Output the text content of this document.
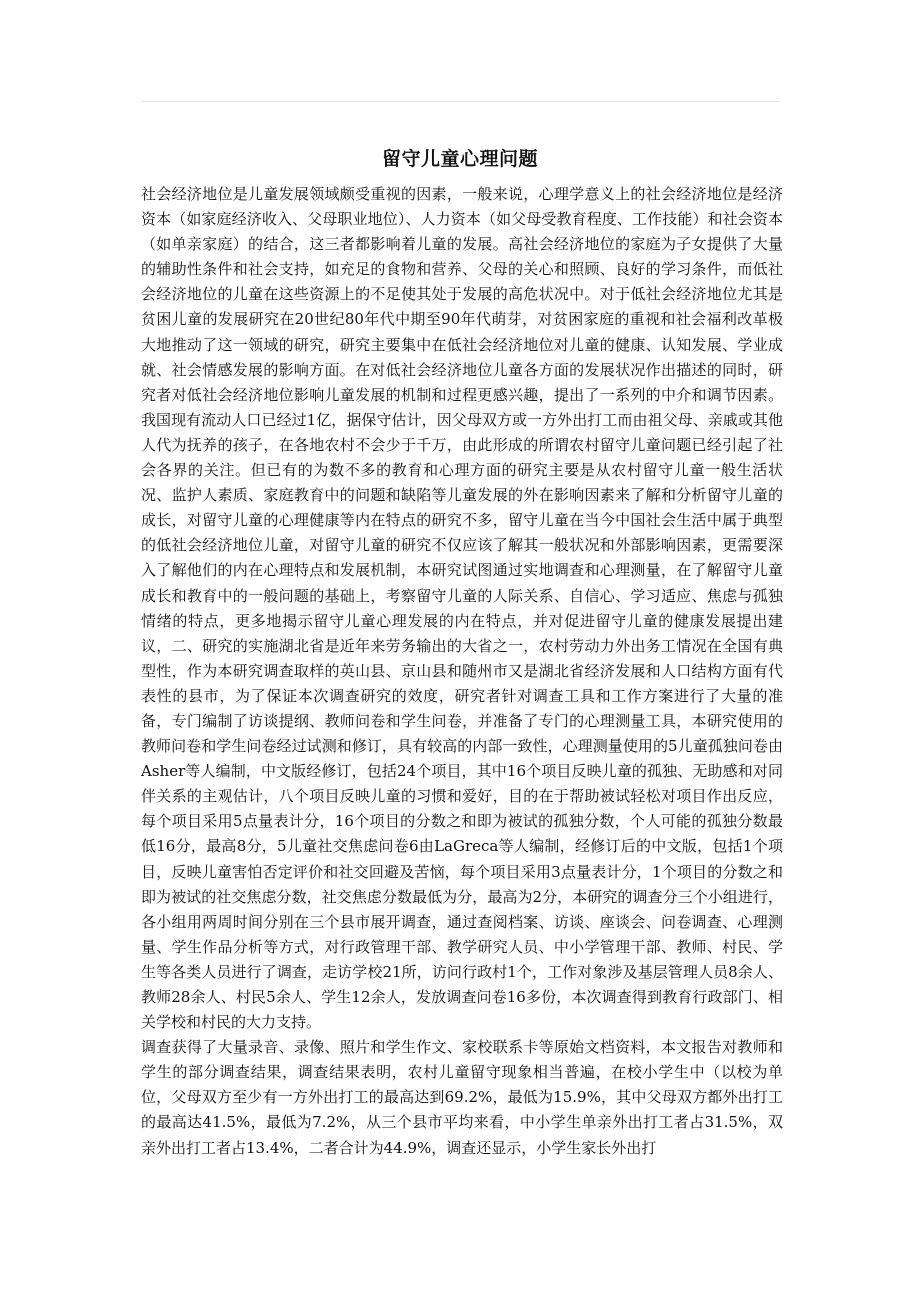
留守儿童心理问题

社会经济地位是儿童发展领域颇受重视的因素，一般来说，心理学意义上的社会经济地位是经济资本（如家庭经济收入、父母职业地位）、人力资本（如父母受教育程度、工作技能）和社会资本（如单亲家庭）的结合，这三者都影响着儿童的发展。高社会经济地位的家庭为子女提供了大量的辅助性条件和社会支持，如充足的食物和营养、父母的关心和照顾、良好的学习条件，而低社会经济地位的儿童在这些资源上的不足使其处于发展的高危状况中。对于低社会经济地位尤其是贫困儿童的发展研究在20世纪80年代中期至90年代萌芽，对贫困家庭的重视和社会福利改革极大地推动了这一领域的研究，研究主要集中在低社会经济地位对儿童的健康、认知发展、学业成就、社会情感发展的影响方面。在对低社会经济地位儿童各方面的发展状况作出描述的同时，研究者对低社会经济地位影响儿童发展的机制和过程更感兴趣，提出了一系列的中介和调节因素。我国现有流动人口已经过1亿，据保守估计，因父母双方或一方外出打工而由祖父母、亲戚或其他人代为抚养的孩子，在各地农村不会少于千万，由此形成的所谓农村留守儿童问题已经引起了社会各界的关注。但已有的为数不多的教育和心理方面的研究主要是从农村留守儿童一般生活状况、监护人素质、家庭教育中的问题和缺陷等儿童发展的外在影响因素来了解和分析留守儿童的成长，对留守儿童的心理健康等内在特点的研究不多，留守儿童在当今中国社会生活中属于典型的低社会经济地位儿童，对留守儿童的研究不仅应该了解其一般状况和外部影响因素，更需要深入了解他们的内在心理特点和发展机制，本研究试图通过实地调查和心理测量，在了解留守儿童成长和教育中的一般问题的基础上，考察留守儿童的人际关系、自信心、学习适应、焦虑与孤独情绪的特点，更多地揭示留守儿童心理发展的内在特点，并对促进留守儿童的健康发展提出建议，二、研究的实施湖北省是近年来劳务输出的大省之一，农村劳动力外出务工情况在全国有典型性，作为本研究调查取样的英山县、京山县和随州市又是湖北省经济发展和人口结构方面有代表性的县市，为了保证本次调查研究的效度，研究者针对调查工具和工作方案进行了大量的准备，专门编制了访谈提纲、教师问卷和学生问卷，并准备了专门的心理测量工具，本研究使用的教师问卷和学生问卷经过试测和修订，具有较高的内部一致性，心理测量使用的5儿童孤独问卷由Asher等人编制，中文版经修订，包括24个项目，其中16个项目反映儿童的孤独、无助感和对同伴关系的主观估计，八个项目反映儿童的习惯和爱好，目的在于帮助被试轻松对项目作出反应，每个项目采用5点量表计分，16个项目的分数之和即为被试的孤独分数，个人可能的孤独分数最低16分，最高8分，5儿童社交焦虑问卷6由LaGreca等人编制，经修订后的中文版，包括1个项目，反映儿童害怕否定评价和社交回避及苦恼，每个项目采用3点量表计分，1个项目的分数之和即为被试的社交焦虑分数，社交焦虑分数最低为分，最高为2分，本研究的调查分三个小组进行，各小组用两周时间分别在三个县市展开调查，通过查阅档案、访谈、座谈会、问卷调查、心理测量、学生作品分析等方式，对行政管理干部、教学研究人员、中小学管理干部、教师、村民、学生等各类人员进行了调查，走访学校21所，访问行政村1个，工作对象涉及基层管理人员8余人、教师28余人、村民5余人、学生12余人，发放调查问卷16多份，本次调查得到教育行政部门、相关学校和村民的大力支持。

调查获得了大量录音、录像、照片和学生作文、家校联系卡等原始文档资料，本文报告对教师和学生的部分调查结果，调查结果表明，农村儿童留守现象相当普遍，在校小学生中（以校为单位，父母双方至少有一方外出打工的最高达到69.2%，最低为15.9%，其中父母双方都外出打工的最高达41.5%，最低为7.2%，从三个县市平均来看，中小学生单亲外出打工者占31.5%，双亲外出打工者占13.4%，二者合计为44.9%，调查还显示，小学生家长外出打
